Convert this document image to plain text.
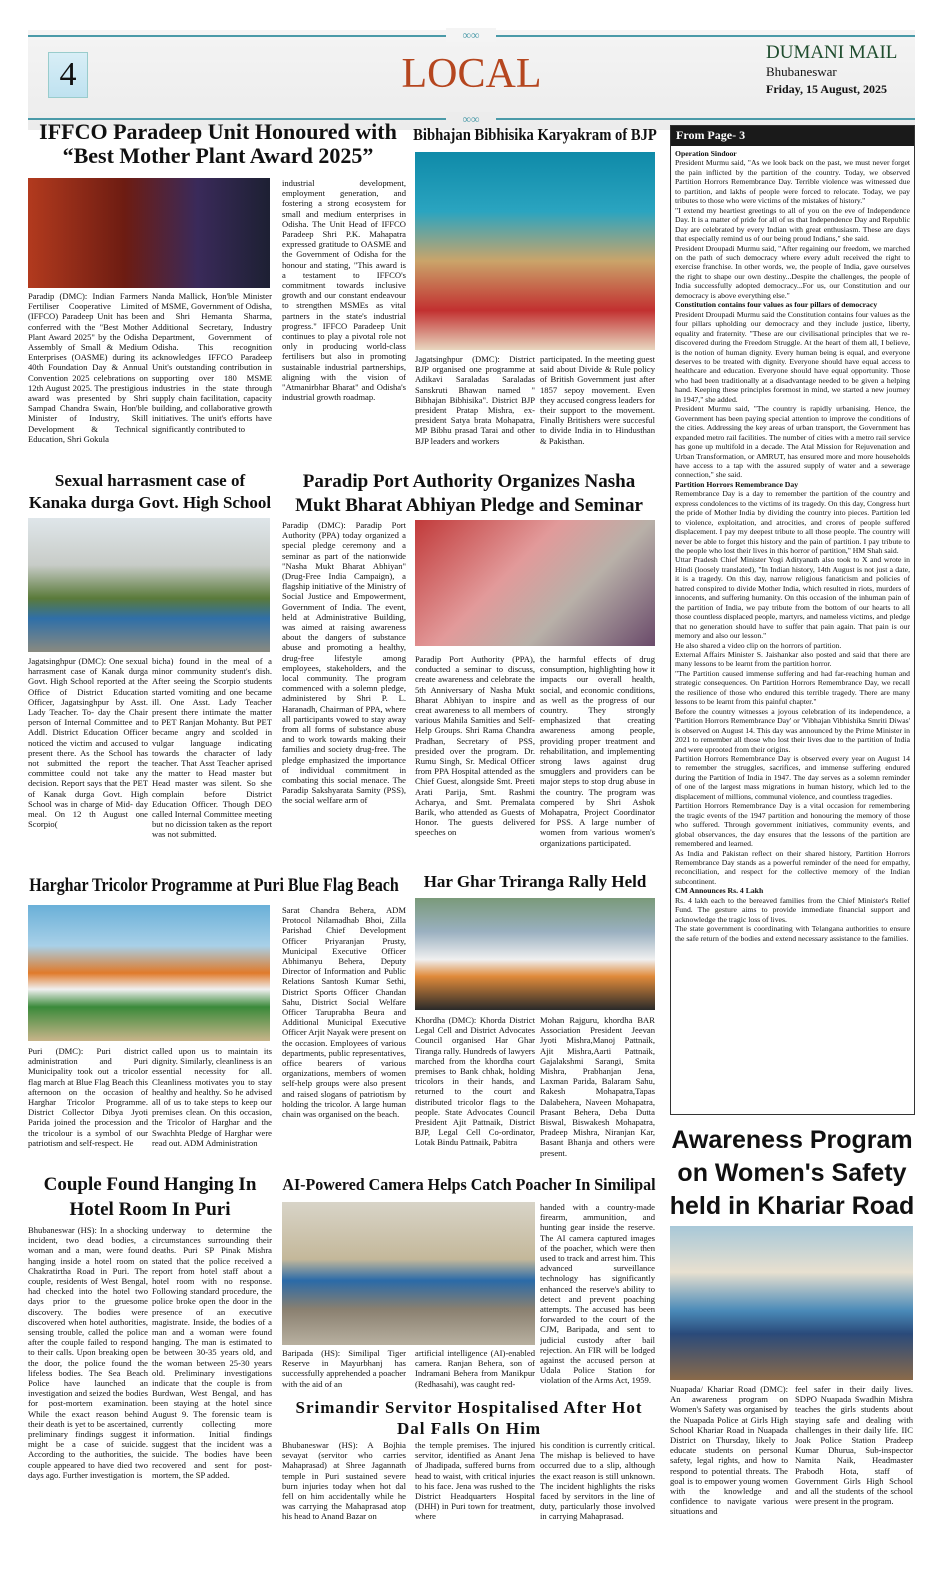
∞∞
∞∞
4	LOCAL	DUMANI MAIL
Bhubaneswar
Friday, 15 August, 2025
IFFCO Paradeep Unit Honoured with “Best Mother Plant Award 2025”
Paradip (DMC): Indian Farmers Fertiliser Cooperative Limited (IFFCO) Paradeep Unit has been conferred with the "Best Mother Plant Award 2025" by the Odisha Assembly of Small & Medium Enterprises (OASME) during its 40th Foundation Day & Annual Convention 2025 celebrations on 12th August 2025. The prestigious award was presented by Shri Sampad Chandra Swain, Hon'ble Minister of Industry, Skill Development & Technical Education, Shri Gokula
Nanda Mallick, Hon'ble Minister of MSME, Government of Odisha, and Shri Hemanta Sharma, Additional Secretary, Industry Department, Government of Odisha. This recognition acknowledges IFFCO Paradeep Unit's outstanding contribution in supporting over 180 MSME industries in the state through supply chain facilitation, capacity building, and collaborative growth initiatives. The unit's efforts have significantly contributed to
industrial development, employment generation, and fostering a strong ecosystem for small and medium enterprises in Odisha. The Unit Head of IFFCO Paradeep Shri P.K. Mahapatra expressed gratitude to OASME and the Government of Odisha for the honour and stating, "This award is a testament to IFFCO's commitment towards inclusive growth and our constant endeavour to strengthen MSMEs as vital partners in the state's industrial progress." IFFCO Paradeep Unit continues to play a pivotal role not only in producing world-class fertilisers but also in promoting sustainable industrial partnerships, aligning with the vision of "Atmanirbhar Bharat" and Odisha's industrial growth roadmap.
Bibhajan Bibhisika Karyakram of BJP
Jagatsinghpur (DMC): District BJP organised one programme at Adikavi Saraladas Saraladas Sanskruti Bhawan named " Bibhajan Bibhisika". District BJP president Pratap Mishra, ex-president Satya brata Mohapatra, MP Bibhu prasad Tarai and other BJP leaders and workers
participated. In the meeting guest said about Divide & Rule policy of British Government just after 1857 sepoy movement. Even they accused congress leaders for their support to the movement. Finally Britishers were succesful to divide India in to Hindusthan & Pakisthan.
Sexual harrasment case of Kanaka durga Govt. High School
Jagatsinghpur (DMC): One sexual harrasment case of Kanak durga Govt. High School reported at the Office of District Education Officer, Jagatsinghpur by Asst. Lady Teacher. To- day the Chair person of Internal Committee and Addl. District Education Officer noticed the victim and accused to present there. As the School has not submitted the report the committee could not take any decision. Report says that the PET of Kanak durga Govt. High School was in charge of Mid- day meal. On 12 th August one Scorpio(
bicha) found in the meal of a minor community student's dish. After seeing the Scorpio students started vomiting and one became ill. One Asst. Lady Teacher present there intimate the matter to PET Ranjan Mohanty. But PET became angry and scolded in vulgar language indicating towards the character of lady teacher. That Asst Teacher aprised the matter to Head master but Head master was silent. So she complain before District Education Officer. Though DEO called Internal Committee meeting but no dicission taken as the report was not submitted.
Paradip Port Authority Organizes Nasha Mukt Bharat Abhiyan Pledge and Seminar
Paradip (DMC): Paradip Port Authority (PPA) today organized a special pledge ceremony and a seminar as part of the nationwide "Nasha Mukt Bharat Abhiyan" (Drug-Free India Campaign), a flagship initiative of the Ministry of Social Justice and Empowerment, Government of India. The event, held at Administrative Building, was aimed at raising awareness about the dangers of substance abuse and promoting a healthy, drug-free lifestyle among employees, stakeholders, and the local community. The program commenced with a solemn pledge, administered by Shri P. L. Haranadh, Chairman of PPA, where all participants vowed to stay away from all forms of substance abuse and to work towards making their families and society drug-free. The pledge emphasized the importance of individual commitment in combating this social menace. The Paradip Sakshyarata Samity (PSS), the social welfare arm of
Paradip Port Authority (PPA), conducted a seminar to discuss, create awareness and celebrate the 5th Anniversary of Nasha Mukt Bharat Abhiyan to inspire and creat awareness to all members of various Mahila Samities and Self-Help Groups. Shri Rama Chandra Pradhan, Secretary of PSS, presided over the program. Dr. Rumu Singh, Sr. Medical Officer from PPA Hospital attended as the Chief Guest, alongside Smt. Preeti Arati Parija, Smt. Rashmi Acharya, and Smt. Premalata Barik, who attended as Guests of Honor. The guests delivered speeches on
the harmful effects of drug consumption, highlighting how it impacts our overall health, social, and economic conditions, as well as the progress of our country. They strongly emphasized that creating awareness among people, providing proper treatment and rehabilitation, and implementing strong laws against drug smugglers and providers can be major steps to stop drug abuse in the country. The program was compered by Shri Ashok Mohapatra, Project Coordinator for PSS. A large number of women from various women's organizations participated.
Harghar Tricolor Programme at Puri Blue Flag Beach
Puri (DMC): Puri district administration and Puri Municipality took out a tricolor flag march at Blue Flag Beach this afternoon on the occasion of Harghar Tricolor Programme. District Collector Dibya Jyoti Parida joined the procession and the tricolour is a symbol of our patriotism and self-respect. He
called upon us to maintain its dignity. Similarly, cleanliness is an essential necessity for all. Cleanliness motivates you to stay healthy and healthy. So he advised all of us to take steps to keep our premises clean. On this occasion, the Tricolor of Harghar and the Swachhta Pledge of Harghar were read out. ADM Administration
Sarat Chandra Behera, ADM Protocol Nilamadhab Bhoi, Zilla Parishad Chief Development Officer Priyaranjan Prusty, Municipal Executive Officer Abhimanyu Behera, Deputy Director of Information and Public Relations Santosh Kumar Sethi, District Sports Officer Chandan Sahu, District Social Welfare Officer Taruprabha Beura and Additional Municipal Executive Officer Arjit Nayak were present on the occasion. Employees of various departments, public representatives, office bearers of various organizations, members of women self-help groups were also present and raised slogans of patriotism by holding the tricolor. A large human chain was organised on the beach.
Har Ghar Triranga Rally Held
Khordha (DMC): Khorda District Legal Cell and District Advocates Council organised Har Ghar Tiranga rally. Hundreds of lawyers marched from the khordha court premises to Bank chhak, holding tricolors in their hands, and returned to the court and distributed tricolor flags to the people. State Advocates Council President Ajit Pattnaik, District BJP, Legal Cell Co-ordinator, Lotak Bindu Pattnaik, Pabitra
Mohan Rajguru, khordha BAR Association President Jeevan Jyoti Mishra,Manoj Pattnaik, Ajit Mishra,Aarti Pattnaik, Gajalakshmi Sarangi, Smita Mishra, Prabhanjan Jena, Laxman Parida, Balaram Sahu, Rakesh Mohapatra,Tapas Dalabehera, Naveen Mohapatra, Prasant Behera, Deba Dutta Biswal, Biswakesh Mohapatra, Pradeep Mishra, Niranjan Kar, Basant Bhanja and others were present.
Couple Found Hanging In Hotel Room In Puri
Bhubaneswar (HS): In a shocking incident, two dead bodies, a woman and a man, were found hanging inside a hotel room on Chakratirtha Road in Puri. The couple, residents of West Bengal, had checked into the hotel two days prior to the gruesome discovery. The bodies were discovered when hotel authorities, sensing trouble, called the police after the couple failed to respond to their calls. Upon breaking open the door, the police found the lifeless bodies. The Sea Beach Police have launched an investigation and seized the bodies for post-mortem examination. While the exact reason behind their death is yet to be ascertained, preliminary findings suggest it might be a case of suicide. According to the authorities, the couple appeared to have died two days ago. Further investigation is
underway to determine the circumstances surrounding their deaths. Puri SP Pinak Mishra stated that the police received a report from hotel staff about a hotel room with no response. Following standard procedure, the police broke open the door in the presence of an executive magistrate. Inside, the bodies of a man and a woman were found hanging. The man is estimated to be between 30-35 years old, and the woman between 25-30 years old. Preliminary investigations indicate that the couple is from Burdwan, West Bengal, and has been staying at the hotel since August 9. The forensic team is currently collecting more information. Initial findings suggest that the incident was a suicide. The bodies have been recovered and sent for post-mortem, the SP added.
AI-Powered Camera Helps Catch Poacher In Similipal
Baripada (HS): Similipal Tiger Reserve in Mayurbhanj has successfully apprehended a poacher with the aid of an
artificial intelligence (AI)-enabled camera. Ranjan Behera, son of Indramani Behera from Manikpur (Redhasahi), was caught red-
handed with a country-made firearm, ammunition, and hunting gear inside the reserve. The AI camera captured images of the poacher, which were then used to track and arrest him. This advanced surveillance technology has significantly enhanced the reserve's ability to detect and prevent poaching attempts. The accused has been forwarded to the court of the CJM, Baripada, and sent to judicial custody after bail rejection. An FIR will be lodged against the accused person at Udala Police Station for violation of the Arms Act, 1959.
Srimandir Servitor Hospitalised After Hot Dal Falls On Him
Bhubaneswar (HS): A Bojhia sevayat (servitor who carries Mahaprasad) at Shree Jagannath temple in Puri sustained severe burn injuries today when hot dal fell on him accidentally while he was carrying the Mahaprasad atop his head to Anand Bazar on
the temple premises. The injured servitor, identified as Anant Jena of Jhadipada, suffered burns from head to waist, with critical injuries to his face. Jena was rushed to the District Headquarters Hospital (DHH) in Puri town for treatment, where
his condition is currently critical. The mishap is believed to have occurred due to a slip, although the exact reason is still unknown. The incident highlights the risks faced by servitors in the line of duty, particularly those involved in carrying Mahaprasad.
From Page- 3

Operation Sindoor

President Murmu said, "As we look back on the past, we must never forget the pain inflicted by the partition of the country. Today, we observed Partition Horrors Remembrance Day. Terrible violence was witnessed due to partition, and lakhs of people were forced to relocate. Today, we pay tributes to those who were victims of the mistakes of history."

"I extend my heartiest greetings to all of you on the eve of Independence Day. It is a matter of pride for all of us that Independence Day and Republic Day are celebrated by every Indian with great enthusiasm. These are days that especially remind us of our being proud Indians," she said.

President Droupadi Murmu said, "After regaining our freedom, we marched on the path of such democracy where every adult received the right to exercise franchise. In other words, we, the people of India, gave ourselves the right to shape our own destiny...Despite the challenges, the people of India successfully adopted democracy...For us, our Constitution and our democracy is above everything else."

Constitution contains four values as four pillars of democracy

President Droupadi Murmu said the Constitution contains four values as the four pillars upholding our democracy and they include justice, liberty, equality and fraternity. "These are our civilisational principles that we re-discovered during the Freedom Struggle. At the heart of them all, I believe, is the notion of human dignity. Every human being is equal, and everyone deserves to be treated with dignity. Everyone should have equal access to healthcare and education. Everyone should have equal opportunity. Those who had been traditionally at a disadvantage needed to be given a helping hand. Keeping these principles foremost in mind, we started a new journey in 1947," she added.

President Murmu said, "The country is rapidly urbanising. Hence, the Government has been paying special attention to improve the conditions of the cities. Addressing the key areas of urban transport, the Government has expanded metro rail facilities. The number of cities with a metro rail service has gone up multifold in a decade. The Atal Mission for Rejuvenation and Urban Transformation, or AMRUT, has ensured more and more households have access to a tap with the assured supply of water and a sewerage connection," she said.

Partition Horrors Remembrance Day

Remembrance Day is a day to remember the partition of the country and express condolences to the victims of its tragedy. On this day, Congress hurt the pride of Mother India by dividing the country into pieces. Partition led to violence, exploitation, and atrocities, and crores of people suffered displacement. I pay my deepest tribute to all those people. The country will never be able to forget this history and the pain of partition. I pay tribute to the people who lost their lives in this horror of partition," HM Shah said.

Uttar Pradesh Chief Minister Yogi Adityanath also took to X and wrote in Hindi (loosely translated), "In Indian history, 14th August is not just a date, it is a tragedy. On this day, narrow religious fanaticism and policies of hatred conspired to divide Mother India, which resulted in riots, murders of innocents, and suffering humanity. On this occasion of the inhuman pain of the partition of India, we pay tribute from the bottom of our hearts to all those countless displaced people, martyrs, and nameless victims, and pledge that no generation should have to suffer that pain again. That pain is our memory and also our lesson."

He also shared a video clip on the horrors of partition.

External Affairs Minister S. Jaishankar also posted and said that there are many lessons to be learnt from the partition horror.

"The Partition caused immense suffering and had far-reaching human and strategic consequences. On Partition Horrors Remembrance Day, we recall the resilience of those who endured this terrible tragedy. There are many lessons to be learnt from this painful chapter."

Before the country witnesses a joyous celebration of its independence, a 'Partition Horrors Remembrance Day' or 'Vibhajan Vibhishika Smriti Diwas' is observed on August 14. This day was announced by the Prime Minister in 2021 to remember all those who lost their lives due to the partition of India and were uprooted from their origins.

Partition Horrors Remembrance Day is observed every year on August 14 to remember the struggles, sacrifices, and immense suffering endured during the Partition of India in 1947. The day serves as a solemn reminder of one of the largest mass migrations in human history, which led to the displacement of millions, communal violence, and countless tragedies.

Partition Horrors Remembrance Day is a vital occasion for remembering the tragic events of the 1947 partition and honouring the memory of those who suffered. Through government initiatives, community events, and global observances, the day ensures that the lessons of the partition are remembered and learned.

As India and Pakistan reflect on their shared history, Partition Horrors Remembrance Day stands as a powerful reminder of the need for empathy, reconciliation, and respect for the collective memory of the Indian subcontinent.

CM Announces Rs. 4 Lakh

Rs. 4 lakh each to the bereaved families from the Chief Minister's Relief Fund. The gesture aims to provide immediate financial support and acknowledge the tragic loss of lives.

The state government is coordinating with Telangana authorities to ensure the safe return of the bodies and extend necessary assistance to the families.

Awareness Program on Women's Safety held in Khariar Road
Nuapada/ Khariar Road (DMC): An awareness program on Women's Safety was organised by the Nuapada Police at Girls High School Khariar Road in Nuapada District on Thursday, likely to educate students on personal safety, legal rights, and how to respond to potential threats. The goal is to empower young women with the knowledge and confidence to navigate various situations and
feel safer in their daily lives. SDPO Nuapada Swadhin Mishra teaches the girls students about staying safe and dealing with challenges in their daily life. IIC Joak Police Station Pradeep Kumar Dhurua, Sub-inspector Namita Naik, Headmaster Prabodh Hota, staff of Government Girls High School and all the students of the school were present in the program.
